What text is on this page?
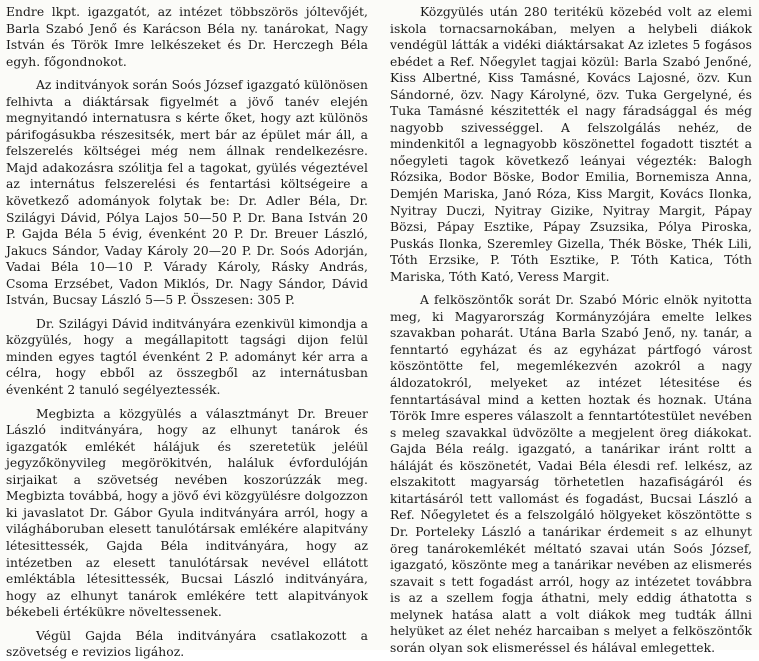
Endre lkpt. igazgatót, az intézet többszörös jóltevőjét, Barla Szabó Jenő és Karácson Béla ny. tanárokat, Nagy István és Török Imre lelkészeket és Dr. Herczegh Béla egyh. főgondnokot.

Az inditványok során Soós József igazgató különösen felhivta a diáktársak figyelmét a jövő tanév elején megnyitandó internatusra s kérte őket, hogy azt különös párifogásukba részesitsék, mert bár az épület már áll, a felszerelés költségei még nem állnak rendelkezésre. Majd adakozásra szólitja fel a tagokat, gyülés végeztével az internátus felszerelési és fentartási költségeire a következő adományok folytak be: Dr. Adler Béla, Dr. Szilágyi Dávid, Pólya Lajos 50—50 P. Dr. Bana István 20 P. Gajda Béla 5 évig, évenként 20 P. Dr. Breuer László, Jakucs Sándor, Vaday Károly 20—20 P. Dr. Soós Adorján, Vadai Béla 10—10 P. Várady Károly, Rásky András, Csoma Erzsébet, Vadon Miklós, Dr. Nagy Sándor, Dávid István, Bucsay László 5—5 P. Összesen: 305 P.

Dr. Szilágyi Dávid inditványára ezenkivül kimondja a közgyülés, hogy a megállapitott tagsági dijon felül minden egyes tagtól évenként 2 P. adományt kér arra a célra, hogy ebből az összegből az internátusban évenként 2 tanuló segélyeztessék.

Megbizta a közgyülés a választmányt Dr. Breuer László inditványára, hogy az elhunyt tanárok és igazgatók emlékét hálájuk és szeretetük jeléül jegyzőkönyvileg megörökitvén, haláluk évfordulóján sirjaikat a szövetség nevében koszorúzzák meg. Megbizta továbbá, hogy a jövő évi közgyülésre dolgozzon ki javaslatot Dr. Gábor Gyula inditványára arról, hogy a világháboruban elesett tanulótársak emlékére alapitvány létesittessék, Gajda Béla inditványára, hogy az intézetben az elesett tanulótársak nevével ellátott emléktábla létesittessék, Bucsai László inditványára, hogy az elhunyt tanárok emlékére tett alapitványok békebeli értékükre növeltessenek.

Végül Gajda Béla inditványára csatlakozott a szövetség e revizios ligához.

Közgyülés után 280 teritékü közebéd volt az elemi iskola tornacsarnokában, melyen a helybeli diákok vendégül látták a vidéki diáktársakat Az izletes 5 fogásos ebédet a Ref. Nőegylet tagjai közül: Barla Szabó Jenőné, Kiss Albertné, Kiss Tamásné, Kovács Lajosné, özv. Kun Sándorné, özv. Nagy Károlyné, özv. Tuka Gergelyné, és Tuka Tamásné készitették el nagy fáradsággal és még nagyobb szivességgel. A felszolgálás nehéz, de mindenkitől a legnagyobb köszönettel fogadott tisztét a nőegyleti tagok következő leányai végezték: Balogh Rózsika, Bodor Böske, Bodor Emilia, Bornemisza Anna, Demjén Mariska, Janó Róza, Kiss Margit, Kovács Ilonka, Nyitray Duczi, Nyitray Gizike, Nyitray Margit, Pápay Bözsi, Pápay Esztike, Pápay Zsuzsika, Pólya Piroska, Puskás Ilonka, Szeremley Gizella, Thék Böske, Thék Lili, Tóth Erzsike, P. Tóth Esztike, P. Tóth Katica, Tóth Mariska, Tóth Kató, Veress Margit.

A felköszöntők sorát Dr. Szabó Móric elnök nyitotta meg, ki Magyarország Kormányzójára emelte lelkes szavakban poharát. Utána Barla Szabó Jenő, ny. tanár, a fenntartó egyházat és az egyházat pártfogó várost köszöntötte fel, megemlékezvén azokról a nagy áldozatokról, melyeket az intézet létesitése és fenntartásával mind a ketten hoztak és hoznak. Utána Török Imre esperes válaszolt a fenntartótestület nevében s meleg szavakkal üdvözölte a megjelent öreg diákokat. Gajda Béla reálg. igazgató, a tanárikar iránt roltt a háláját és köszönetét, Vadai Béla élesdi ref. lelkész, az elszakitott magyarság törhetetlen hazafiságáról és kitartásáról tett vallomást és fogadást, Bucsai László a Ref. Nőegyletet és a felszolgáló hölgyeket köszöntötte s Dr. Porteleky László a tanárikar érdemeit s az elhunyt öreg tanárokemlékét méltató szavai után Soós József, igazgató, köszönte meg a tanárikar nevében az elismerés szavait s tett fogadást arról, hogy az intézetet továbbra is az a szellem fogja áthatni, mely eddig áthatotta s melynek hatása alatt a volt diákok meg tudták állni helyüket az élet nehéz harcaiban s melyet a felköszöntők során olyan sok elismeréssel és hálával emlegettek.
